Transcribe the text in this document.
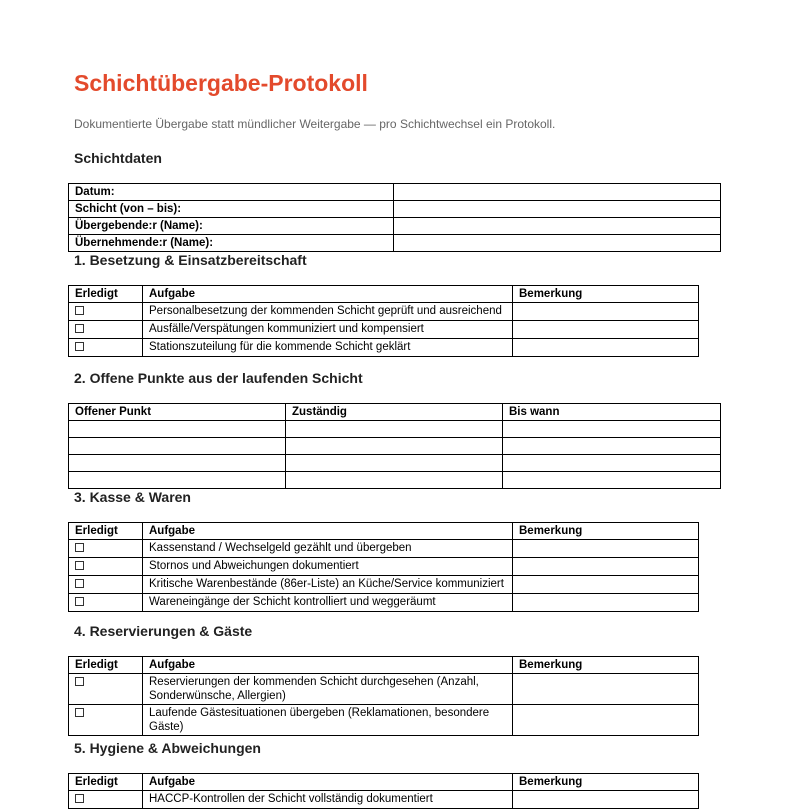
Schichtübergabe-Protokoll

Dokumentierte Übergabe statt mündlicher Weitergabe — pro Schichtwechsel ein Protokoll.

Schichtdaten
Datum:	
Schicht (von – bis):	
Übergebende:r (Name):	
Übernehmende:r (Name):	
1. Besetzung & Einsatzbereitschaft
Erledigt	Aufgabe	Bemerkung
	Personalbesetzung der kommenden Schicht geprüft und ausreichend	
	Ausfälle/Verspätungen kommuniziert und kompensiert	
	Stationszuteilung für die kommende Schicht geklärt	
2. Offene Punkte aus der laufenden Schicht
Offener Punkt	Zuständig	Bis wann

3. Kasse & Waren
Erledigt	Aufgabe	Bemerkung
	Kassenstand / Wechselgeld gezählt und übergeben	
	Stornos und Abweichungen dokumentiert	
	Kritische Warenbestände (86er-Liste) an Küche/Service kommuniziert	
	Wareneingänge der Schicht kontrolliert und weggeräumt	
4. Reservierungen & Gäste
Erledigt	Aufgabe	Bemerkung
	Reservierungen der kommenden Schicht durchgesehen (Anzahl, Sonderwünsche, Allergien)	
	Laufende Gästesituationen übergeben (Reklamationen, besondere Gäste)	
5. Hygiene & Abweichungen
Erledigt	Aufgabe	Bemerkung
	HACCP-Kontrollen der Schicht vollständig dokumentiert	
